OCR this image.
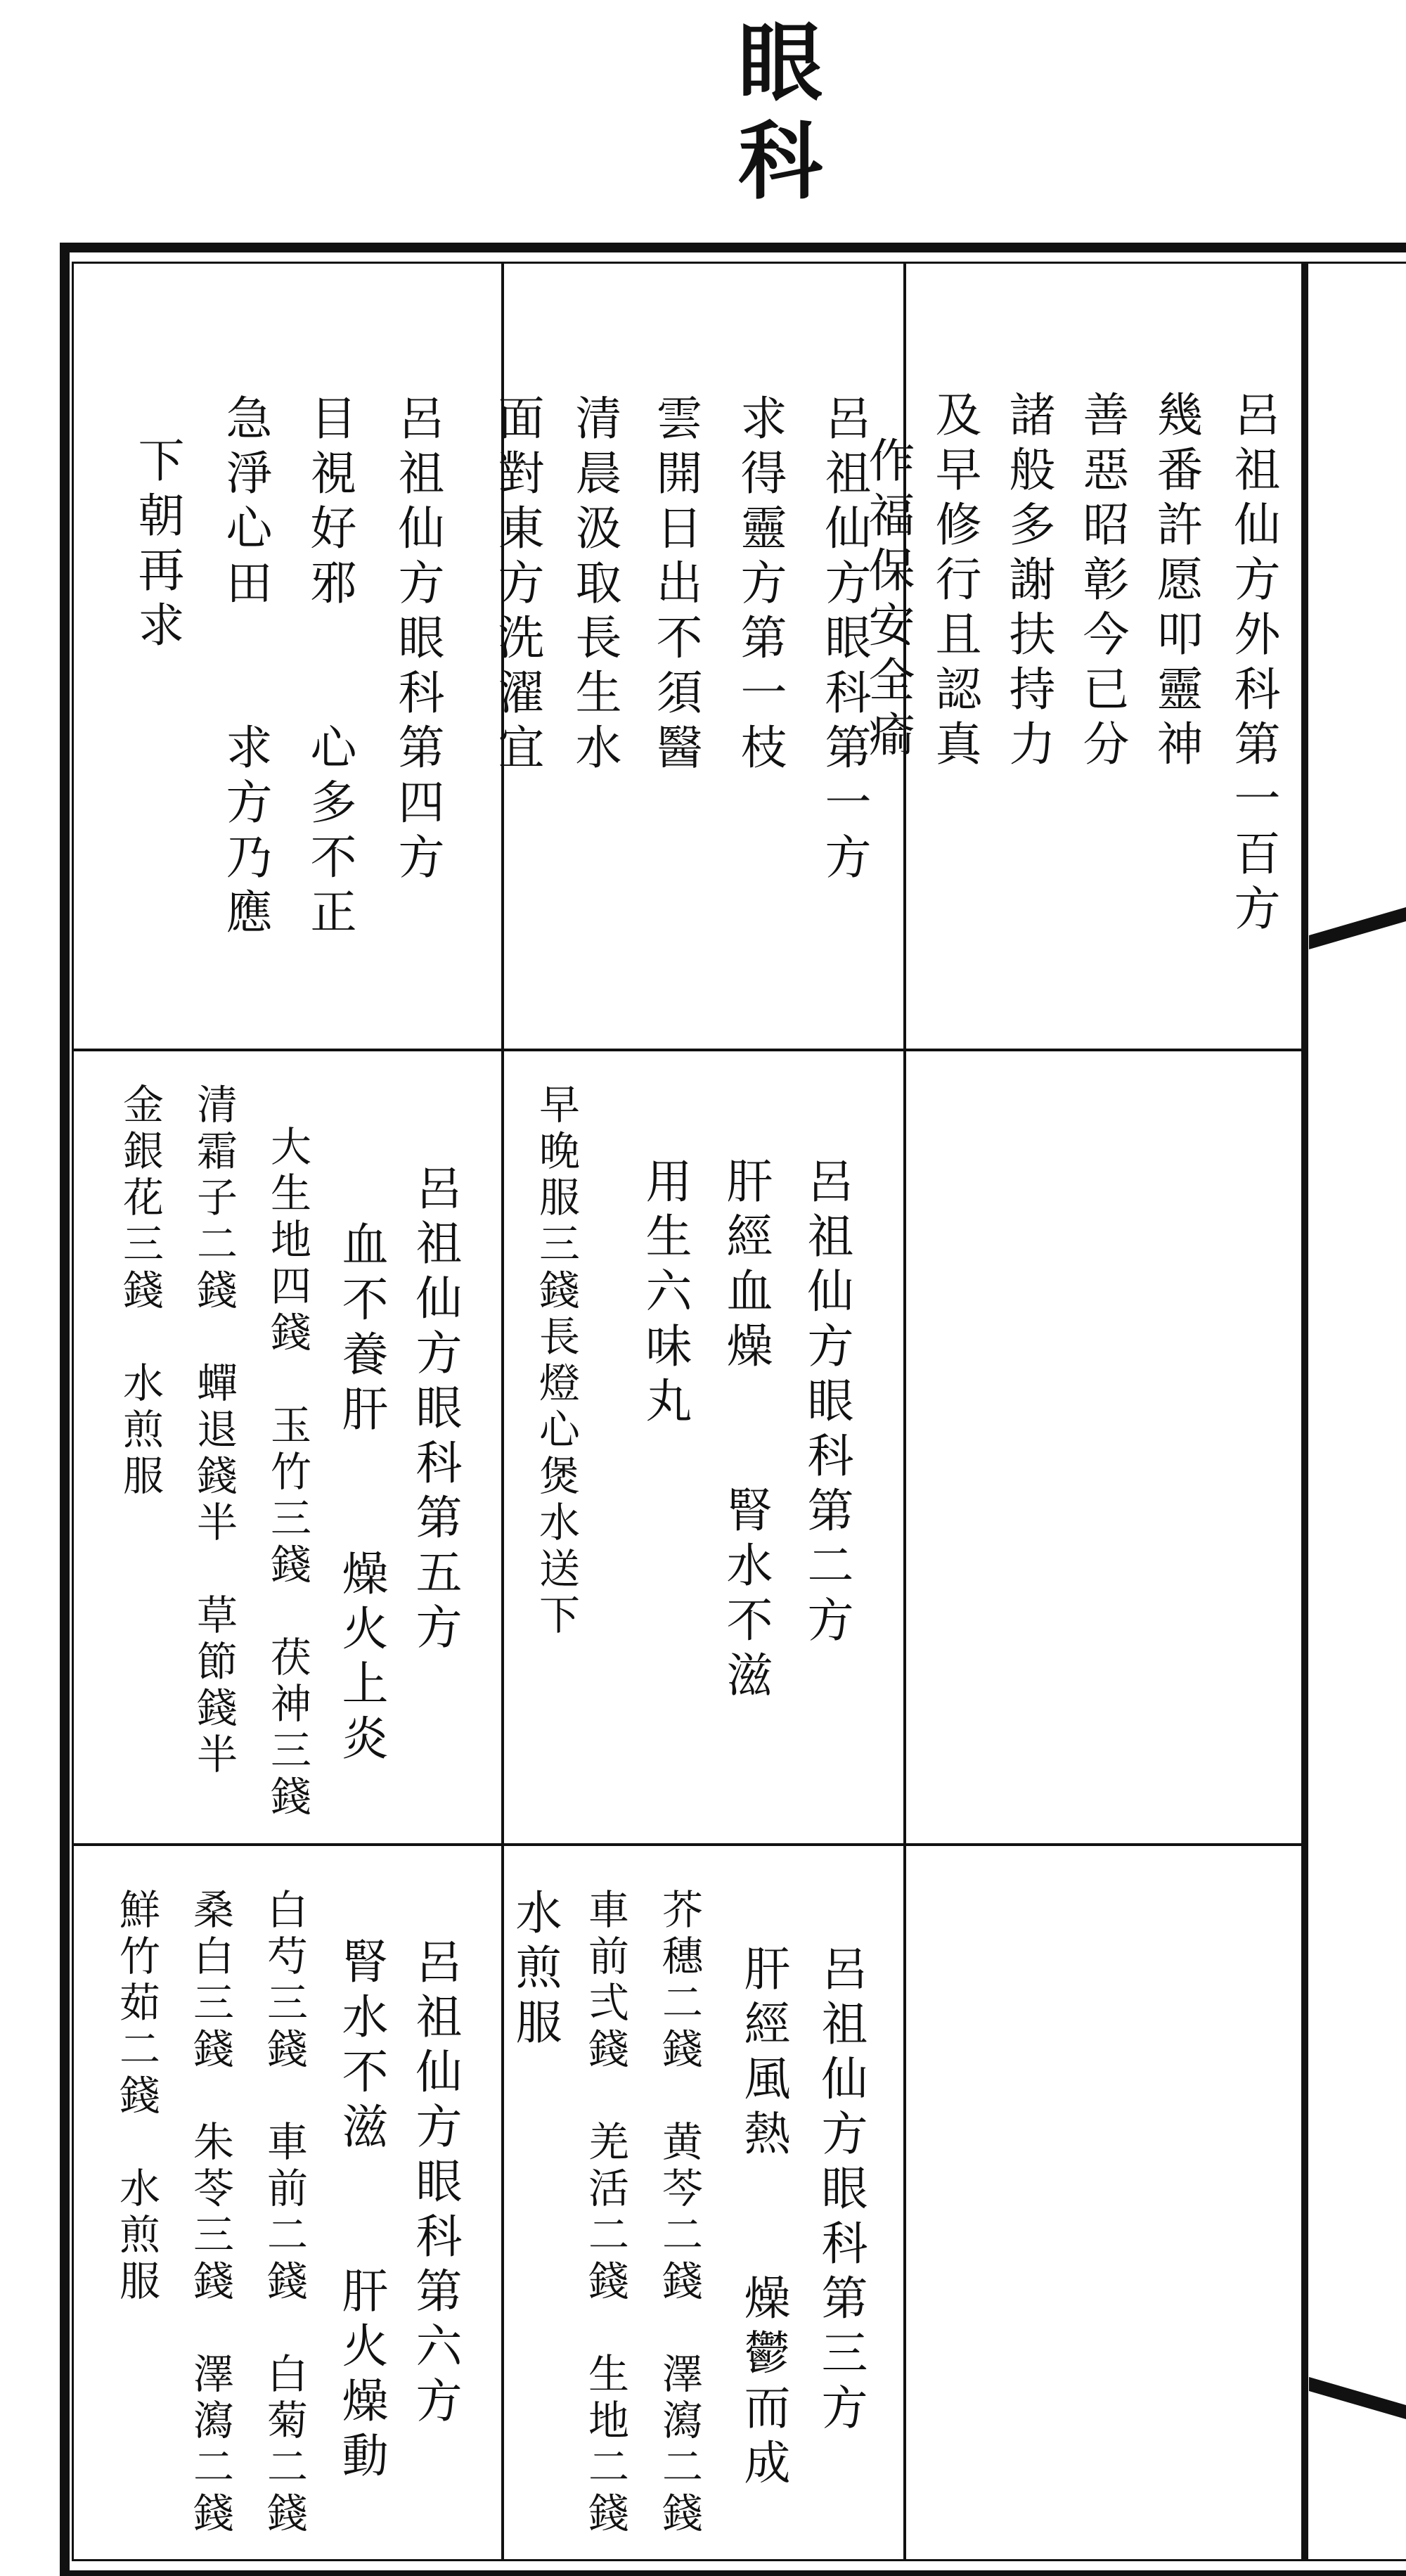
眼
科
呂祖仙方眼科第四方
目視好邪　　心多不正
急淨心田　　求方乃應
下朝再求	呂祖仙方眼科第一方
求得靈方第一枝
雲開日出不須醫
清晨汲取長生水
面對東方洗濯宜	呂祖仙方外科第一百方
幾番許愿叩靈神
善惡昭彰今已分
諸般多謝扶持力
及早修行且認真
作福保安全瘉
呂祖仙方眼科第五方
血不養肝　　燥火上炎
大生地四錢　玉竹三錢　茯神三錢
清霜子二錢　蟬退錢半　草節錢半
金銀花三錢　水煎服	呂祖仙方眼科第二方
肝經血燥　　腎水不滋
用生六味丸
早晚服三錢長燈心煲水送下
呂祖仙方眼科第六方
腎水不滋　　肝火燥動
白芍三錢　車前二錢　白菊二錢
桑白三錢　朱苓三錢　澤瀉二錢
鮮竹茹二錢　水煎服	呂祖仙方眼科第三方
肝經風熱　　燥鬱而成
芥穗二錢　黄芩二錢　澤瀉二錢
車前弍錢　羌活二錢　生地二錢
水煎服
